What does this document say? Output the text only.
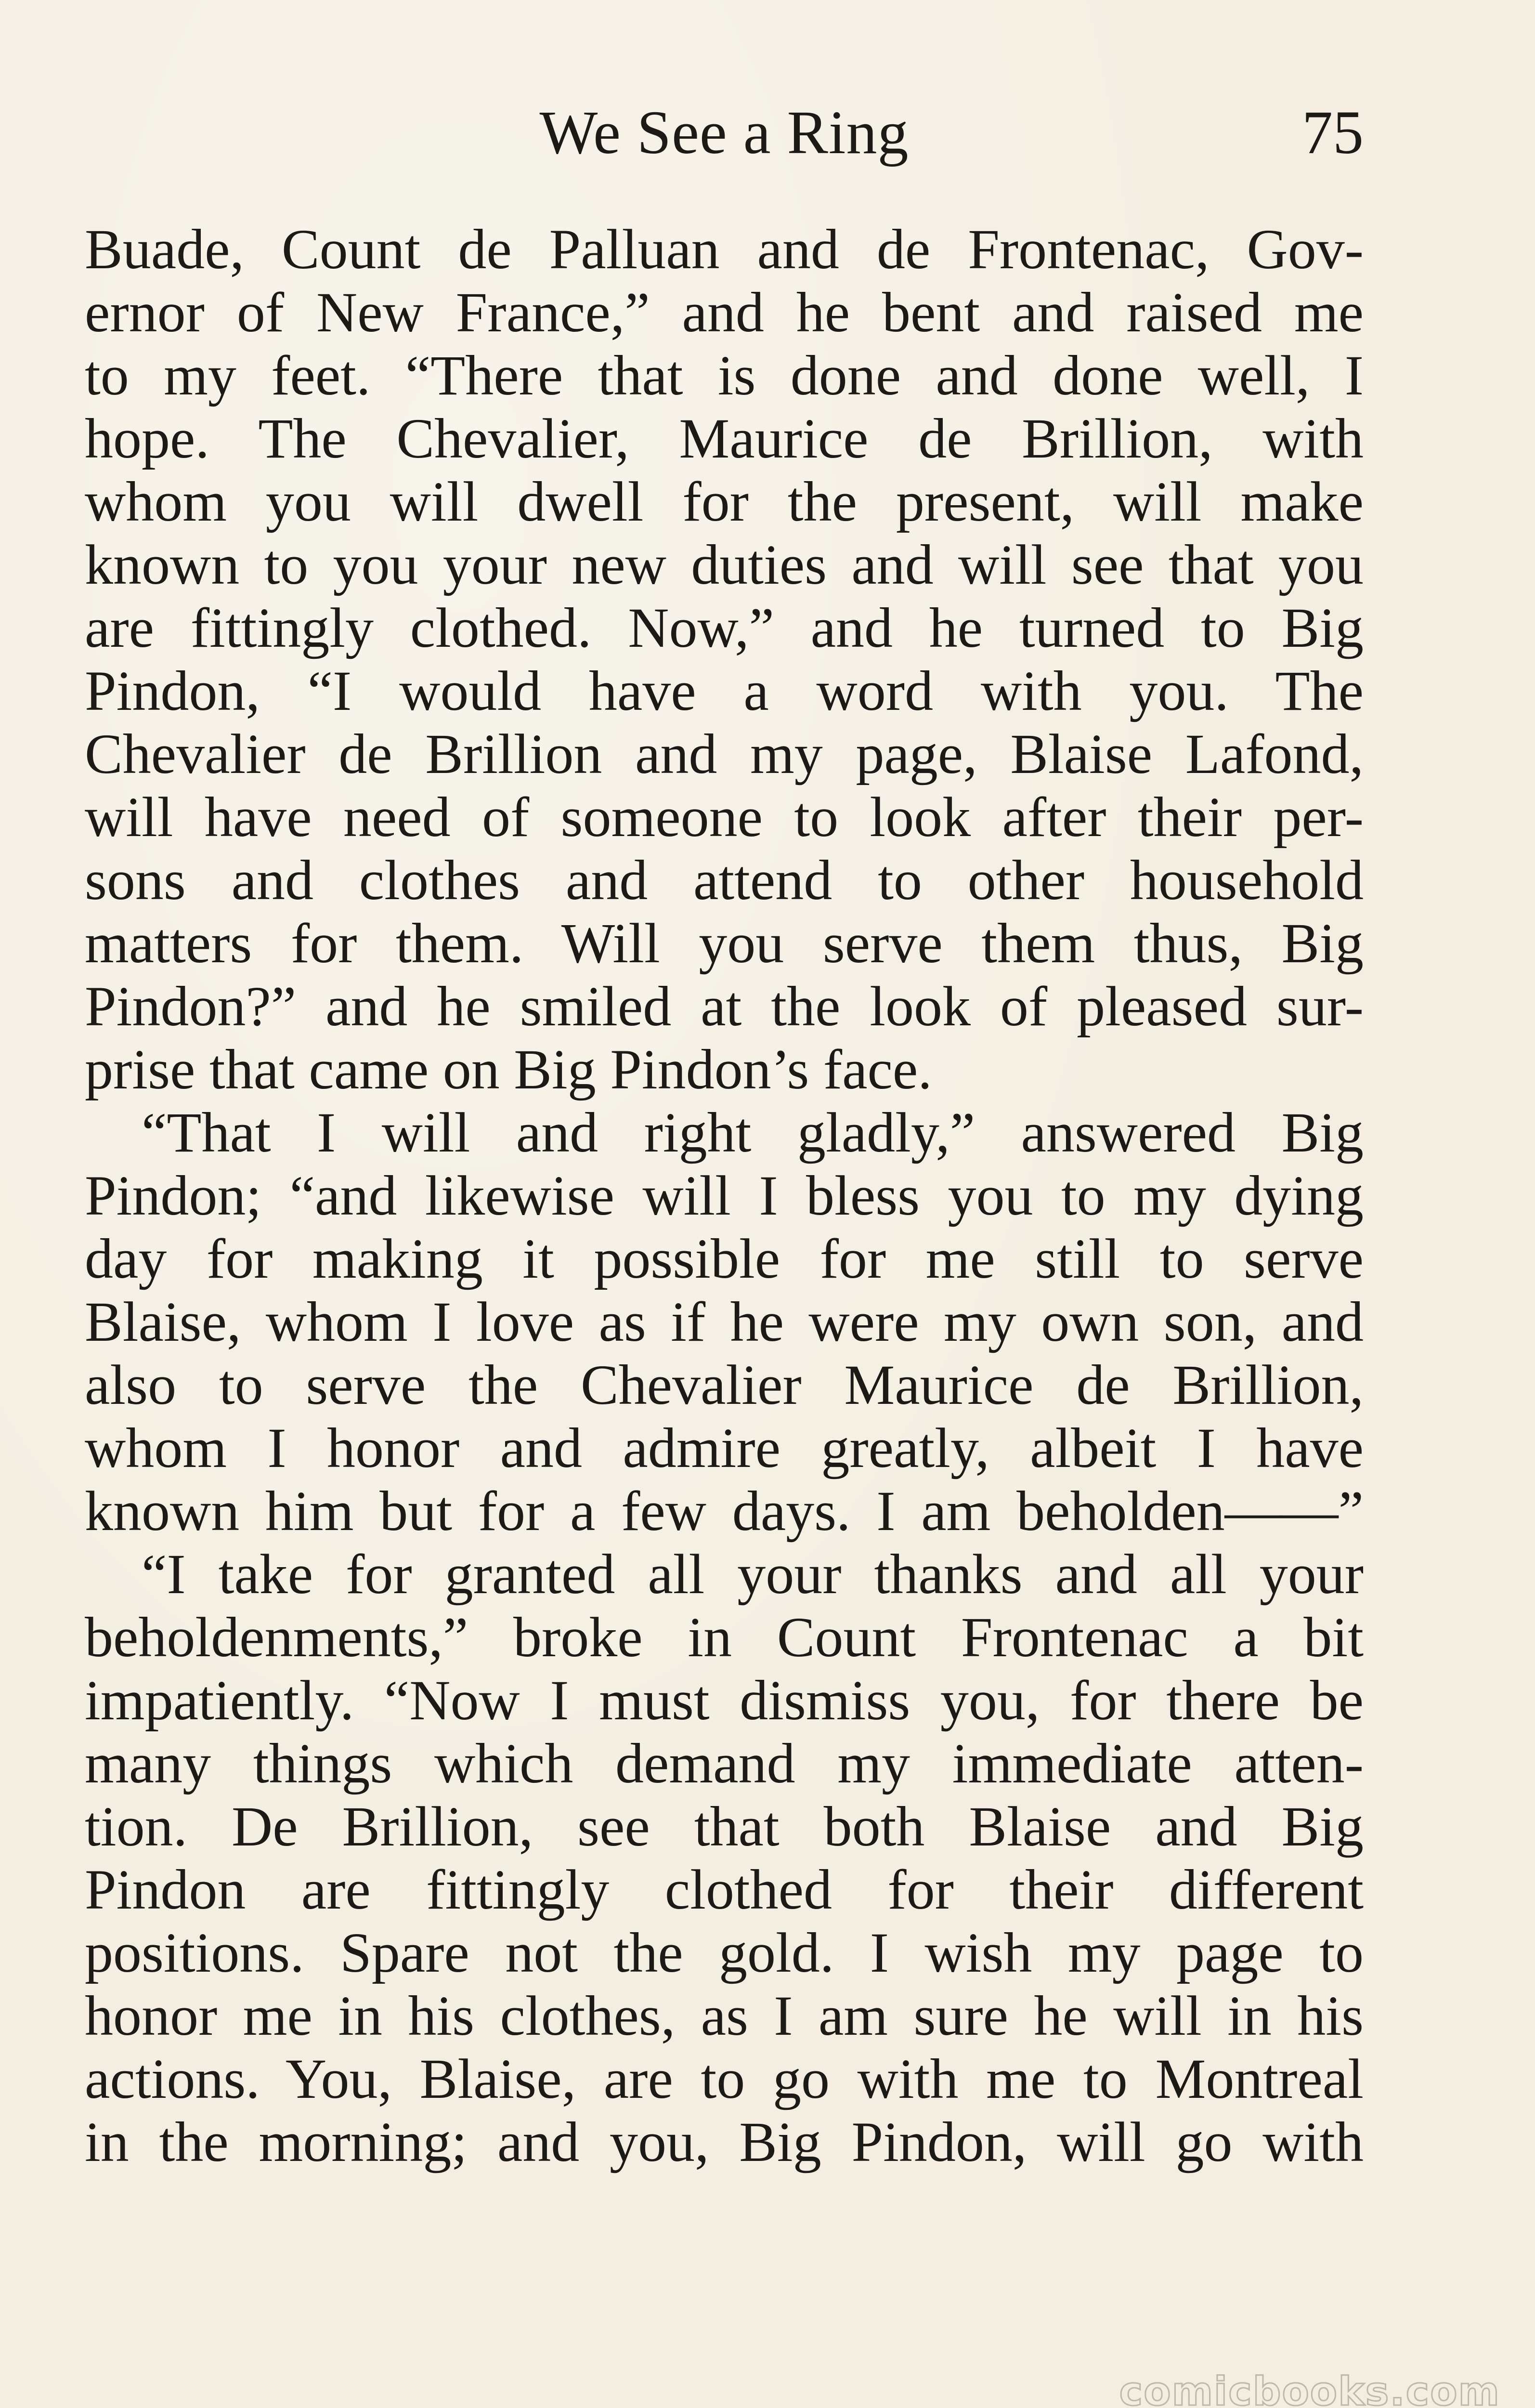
We See a Ring	75
Buade, Count de Palluan and de Frontenac, Gov-
ernor of New France,” and he bent and raised me
to my feet. “There that is done and done well, I
hope. The Chevalier, Maurice de Brillion, with
whom you will dwell for the present, will make
known to you your new duties and will see that you
are fittingly clothed. Now,” and he turned to Big
Pindon, “I would have a word with you. The
Chevalier de Brillion and my page, Blaise Lafond,
will have need of someone to look after their per-
sons and clothes and attend to other household
matters for them. Will you serve them thus, Big
Pindon?” and he smiled at the look of pleased sur-
prise that came on Big Pindon’s face.
“That I will and right gladly,” answered Big
Pindon; “and likewise will I bless you to my dying
day for making it possible for me still to serve
Blaise, whom I love as if he were my own son, and
also to serve the Chevalier Maurice de Brillion,
whom I honor and admire greatly, albeit I have
known him but for a few days. I am beholden——”
“I take for granted all your thanks and all your
beholdenments,” broke in Count Frontenac a bit
impatiently. “Now I must dismiss you, for there be
many things which demand my immediate atten-
tion. De Brillion, see that both Blaise and Big
Pindon are fittingly clothed for their different
positions. Spare not the gold. I wish my page to
honor me in his clothes, as I am sure he will in his
actions. You, Blaise, are to go with me to Montreal
in the morning; and you, Big Pindon, will go with
comicbooks.com
